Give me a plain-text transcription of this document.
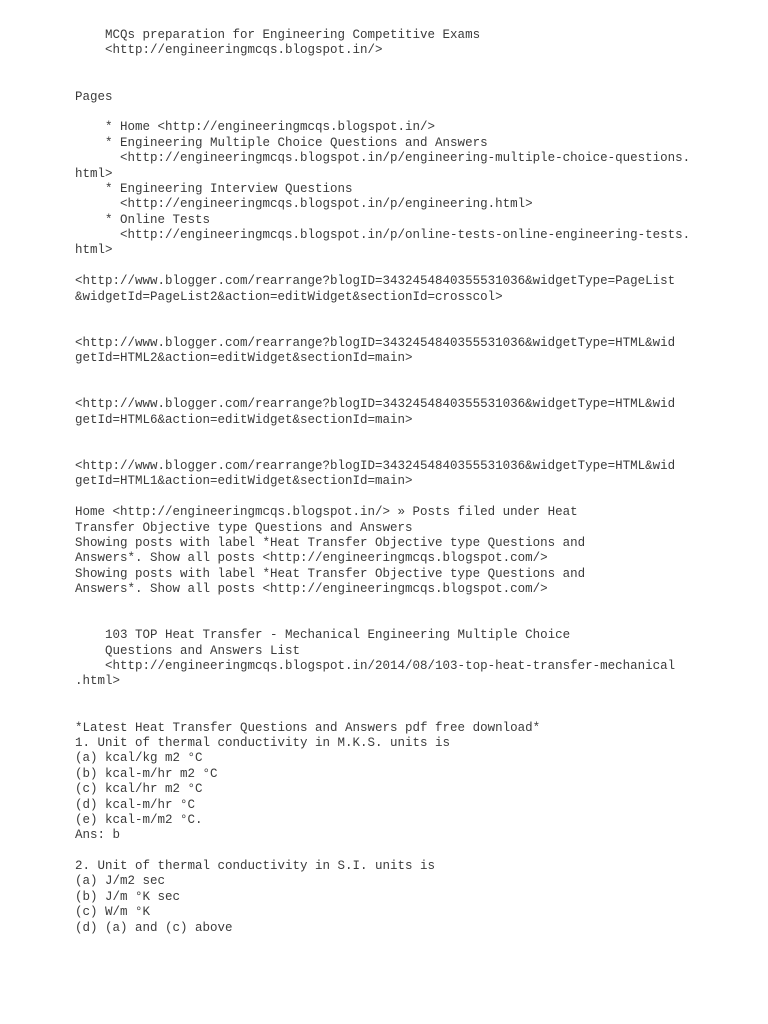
MCQs preparation for Engineering Competitive Exams
<http://engineeringmcqs.blogspot.in/>
Pages
* Home <http://engineeringmcqs.blogspot.in/>
* Engineering Multiple Choice Questions and Answers
<http://engineeringmcqs.blogspot.in/p/engineering-multiple-choice-questions.
html>
* Engineering Interview Questions
<http://engineeringmcqs.blogspot.in/p/engineering.html>
* Online Tests
<http://engineeringmcqs.blogspot.in/p/online-tests-online-engineering-tests.
html>
<http://www.blogger.com/rearrange?blogID=3432454840355531036&widgetType=PageList
&widgetId=PageList2&action=editWidget&sectionId=crosscol>
<http://www.blogger.com/rearrange?blogID=3432454840355531036&widgetType=HTML&wid
getId=HTML2&action=editWidget&sectionId=main>
<http://www.blogger.com/rearrange?blogID=3432454840355531036&widgetType=HTML&wid
getId=HTML6&action=editWidget&sectionId=main>
<http://www.blogger.com/rearrange?blogID=3432454840355531036&widgetType=HTML&wid
getId=HTML1&action=editWidget&sectionId=main>
Home <http://engineeringmcqs.blogspot.in/> » Posts filed under Heat
Transfer Objective type Questions and Answers
Showing posts with label *Heat Transfer Objective type Questions and
Answers*. Show all posts <http://engineeringmcqs.blogspot.com/>
Showing posts with label *Heat Transfer Objective type Questions and
Answers*. Show all posts <http://engineeringmcqs.blogspot.com/>
103 TOP Heat Transfer - Mechanical Engineering Multiple Choice
Questions and Answers List
<http://engineeringmcqs.blogspot.in/2014/08/103-top-heat-transfer-mechanical
.html>
*Latest Heat Transfer Questions and Answers pdf free download*
1. Unit of thermal conductivity in M.K.S. units is
(a) kcal/kg m2 °C
(b) kcal-m/hr m2 °C
(c) kcal/hr m2 °C
(d) kcal-m/hr °C
(e) kcal-m/m2 °C.
Ans: b
2. Unit of thermal conductivity in S.I. units is
(a) J/m2 sec
(b) J/m °K sec
(c) W/m °K
(d) (a) and (c) above
